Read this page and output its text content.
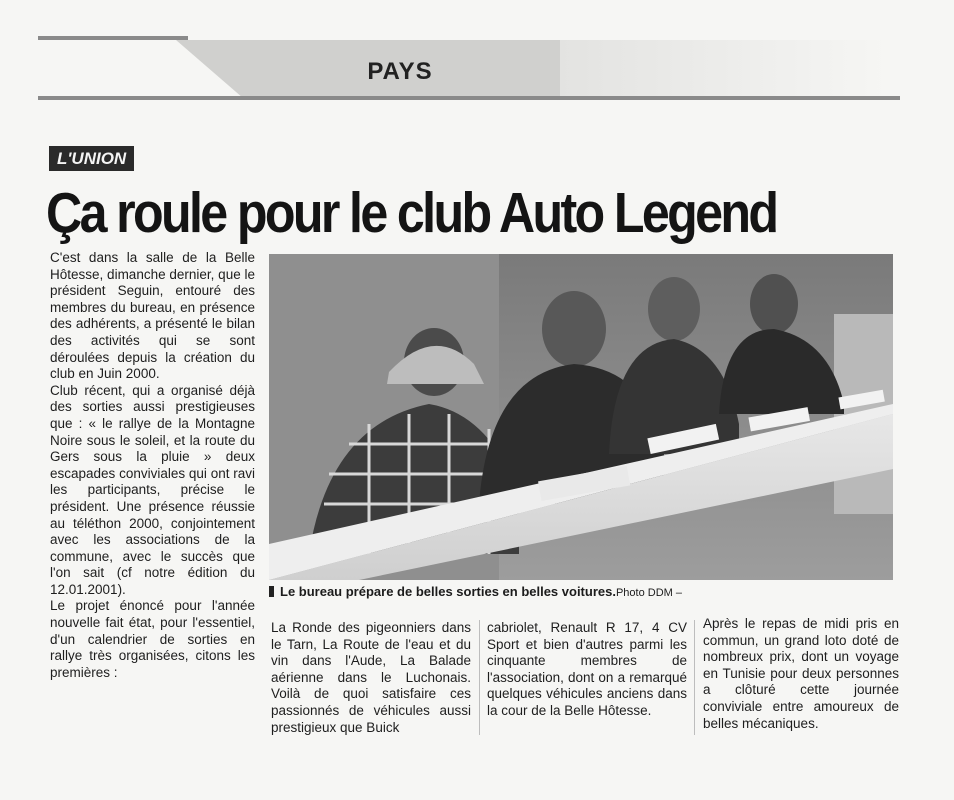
PAYS
L'UNION
Ça roule pour le club Auto Legend

C'est dans la salle de la Belle Hôtesse, dimanche dernier, que le président Seguin, entouré des membres du bureau, en présence des adhérents, a présenté le bilan des activités qui se sont déroulées depuis la création du club en Juin 2000.

Club récent, qui a organisé déjà des sorties aussi prestigieuses que : « le rallye de la Montagne Noire sous le soleil, et la route du Gers sous la pluie » deux escapades conviviales qui ont ravi les participants, précise le président. Une présence réussie au téléthon 2000, conjointement avec les associations de la commune, avec le succès que l'on sait (cf notre édition du 12.01.2001).

Le projet énoncé pour l'année nouvelle fait état, pour l'essentiel, d'un calendrier de sorties en rallye très organisées, citons les premières :

Le bureau prépare de belles sorties en belles voitures.Photo DDM –

La Ronde des pigeonniers dans le Tarn, La Route de l'eau et du vin dans l'Aude, La Balade aérienne dans le Luchonais. Voilà de quoi satisfaire ces passionnés de véhicules aussi prestigieux que Buick

cabriolet, Renault R 17, 4 CV Sport et bien d'autres parmi les cinquante membres de l'association, dont on a remarqué quelques véhicules anciens dans la cour de la Belle Hôtesse.

Après le repas de midi pris en commun, un grand loto doté de nombreux prix, dont un voyage en Tunisie pour deux personnes a clôturé cette journée conviviale entre amoureux de belles mécaniques.
